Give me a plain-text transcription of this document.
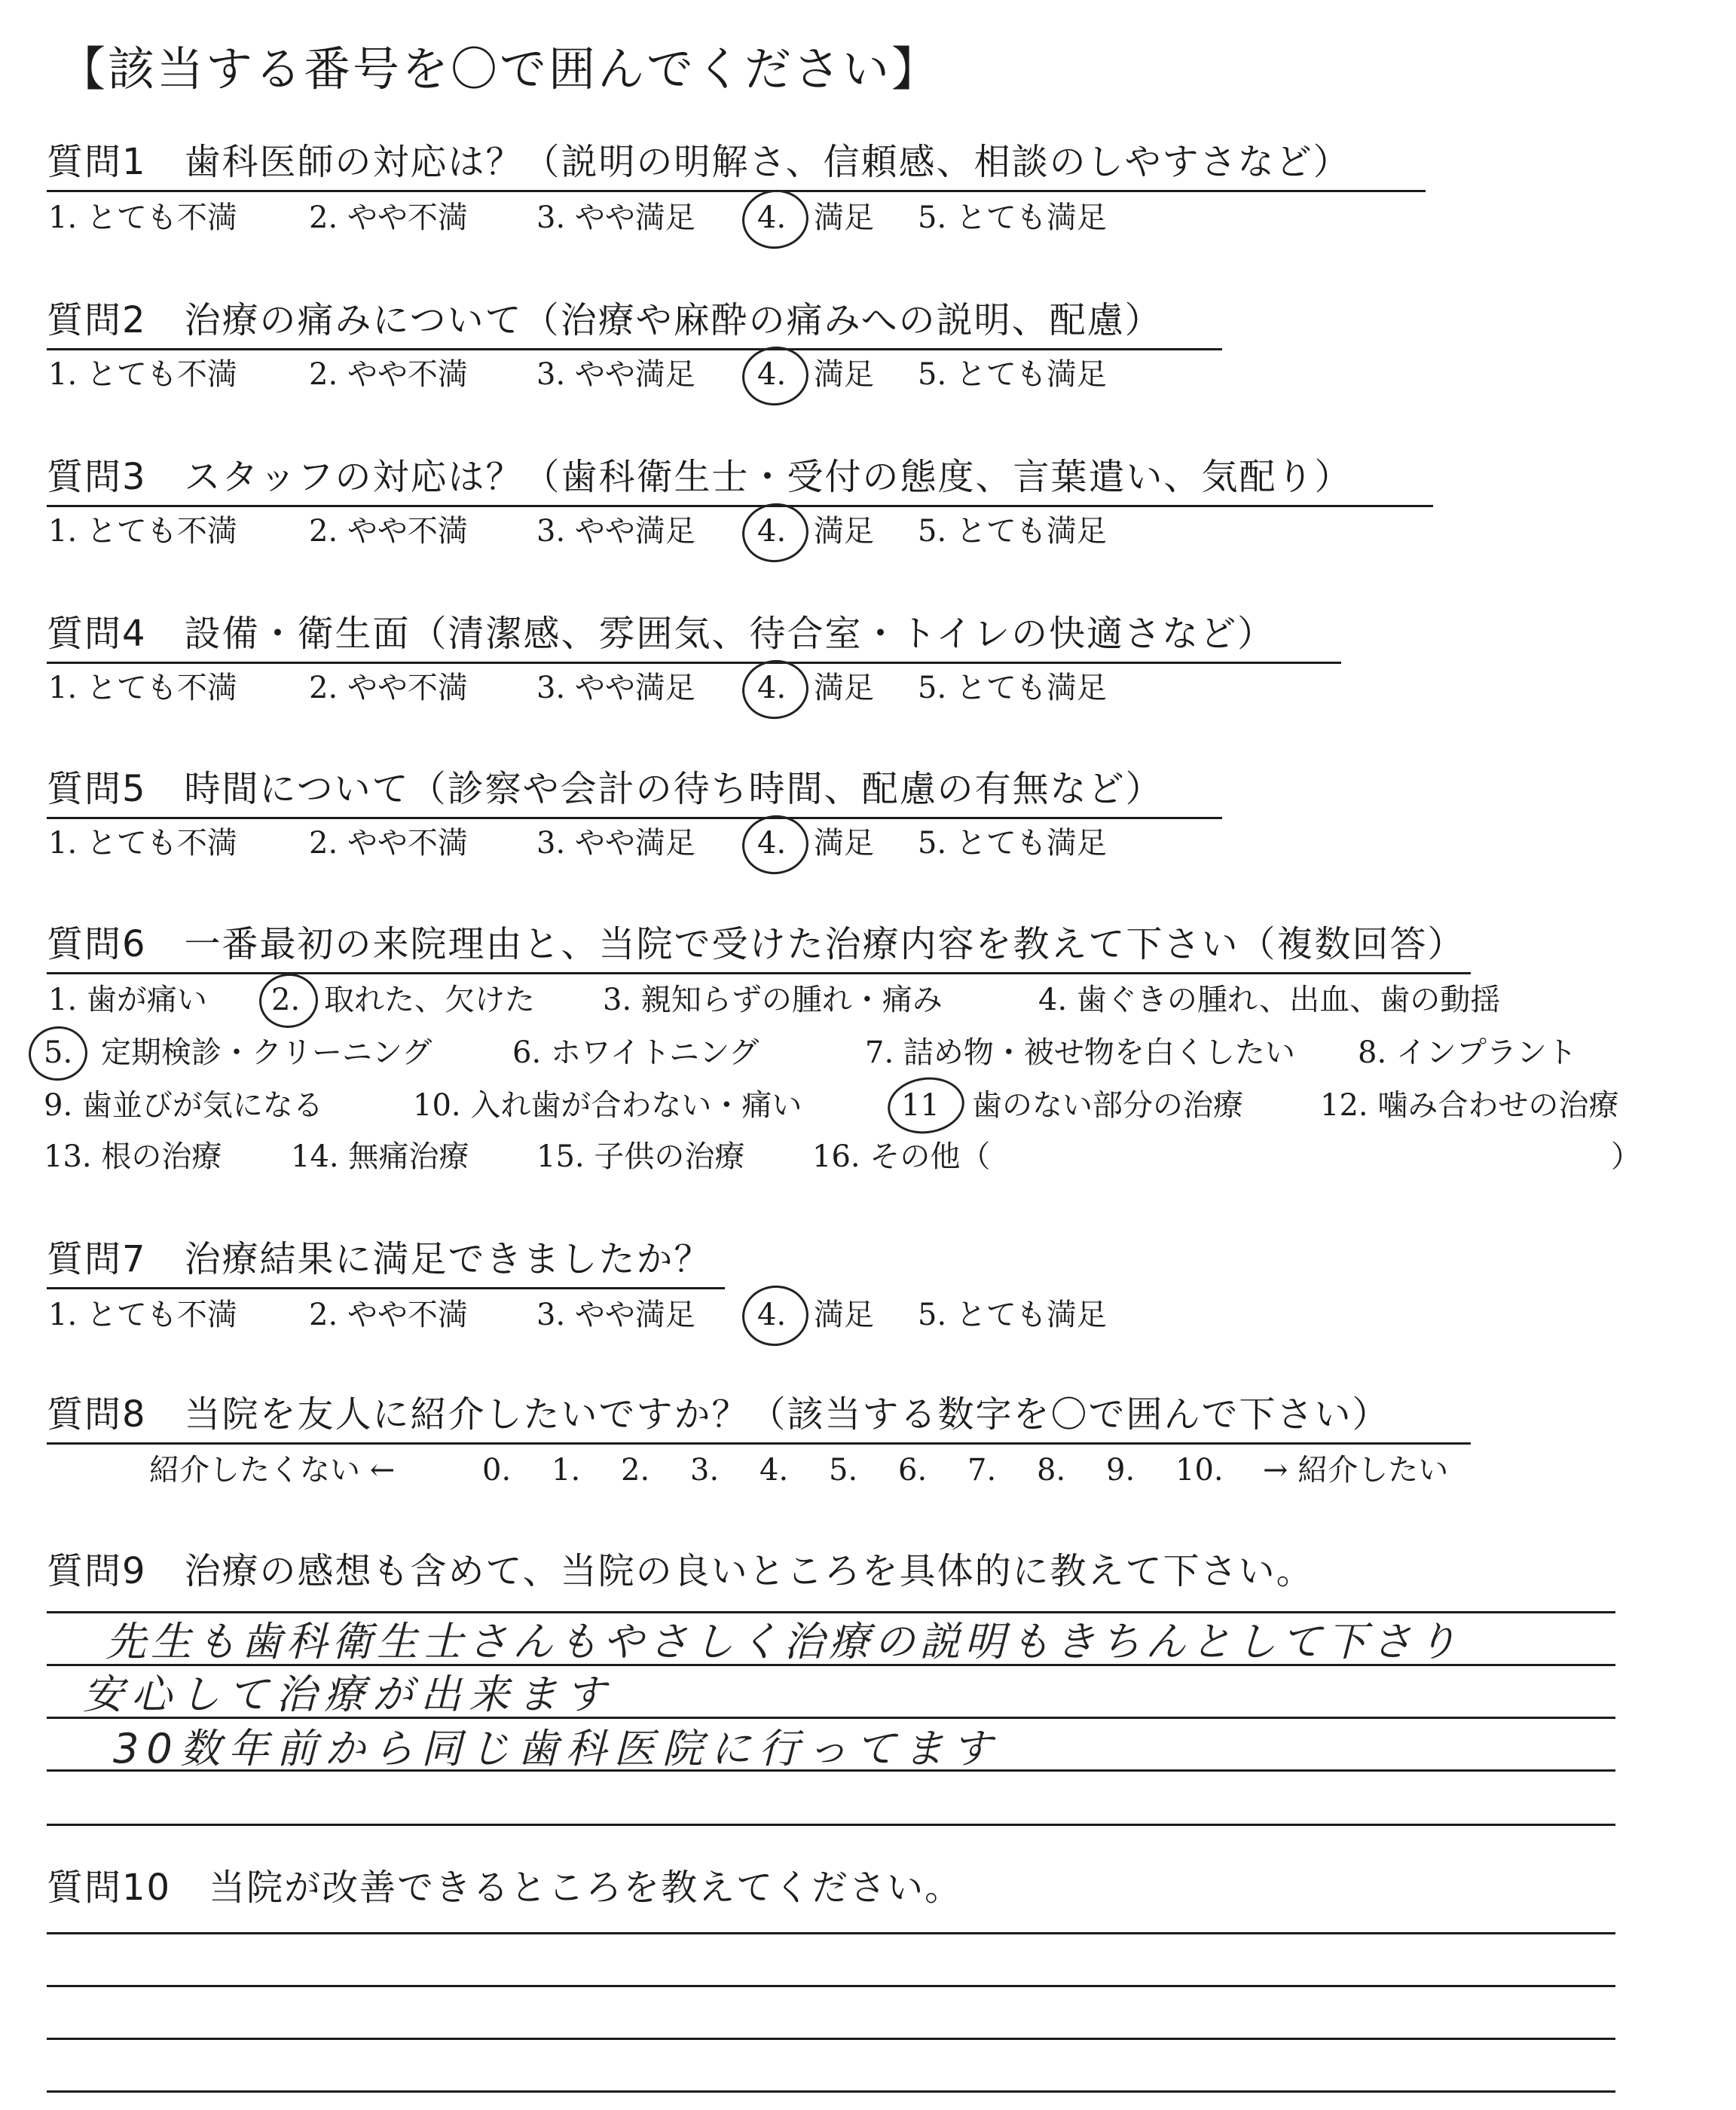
【該当する番号を〇で囲んでください】
質問1　歯科医師の対応は？（説明の明解さ、信頼感、相談のしやすさなど）
1. とても不満 2. やや不満 3. やや満足 4. 満足 5. とても満足
質問2　治療の痛みについて（治療や麻酔の痛みへの説明、配慮）
1. とても不満 2. やや不満 3. やや満足 4. 満足 5. とても満足
質問3　スタッフの対応は？（歯科衛生士・受付の態度、言葉遣い、気配り）
1. とても不満 2. やや不満 3. やや満足 4. 満足 5. とても満足
質問4　設備・衛生面（清潔感、雰囲気、待合室・トイレの快適さなど）
1. とても不満 2. やや不満 3. やや満足 4. 満足 5. とても満足
質問5　時間について（診察や会計の待ち時間、配慮の有無など）
1. とても不満 2. やや不満 3. やや満足 4. 満足 5. とても満足
質問6　一番最初の来院理由と、当院で受けた治療内容を教えて下さい（複数回答）
1. 歯が痛い 2. 取れた、欠けた 3. 親知らずの腫れ・痛み	4. 歯ぐきの腫れ、出血、歯の動揺
5. 定期検診・クリーニング	6. ホワイトニング	7. 詰め物・被せ物を白くしたい 8. インプラント
9. 歯並びが気になる	10. 入れ歯が合わない・痛い	11 歯のない部分の治療	12. 噛み合わせの治療
13. 根の治療 14. 無痛治療 15. 子供の治療 16. その他（	）
質問7　治療結果に満足できましたか？
1. とても不満 2. やや不満 3. やや満足 4. 満足 5. とても満足
質問8　当院を友人に紹介したいですか？（該当する数字を〇で囲んで下さい）
紹介したくない ←	0. 1. 2. 3. 4. 5. 6. 7. 8. 9. 10. → 紹介したい
質問9　治療の感想も含めて、当院の良いところを具体的に教えて下さい。
先生も歯科衛生士さんもやさしく治療の説明もきちんとして下さり
安心して治療が出来ます
30数年前から同じ歯科医院に行ってます
質問10　当院が改善できるところを教えてください。
